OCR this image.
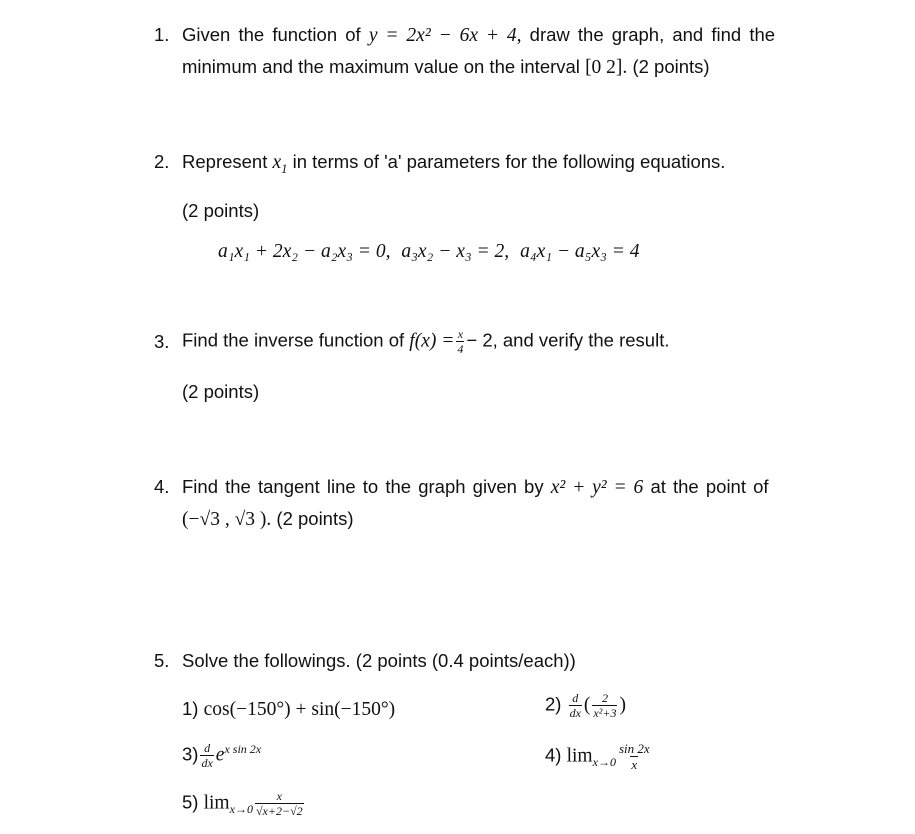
1. Given the function of y = 2x² − 6x + 4, draw the graph, and find the
minimum and the maximum value on the interval [0 2]. (2 points)
2. Represent $x_1$ in terms of 'a' parameters for the following equations.
(2 points)
a₁x₁ + 2x₂ − a₂x₃ = 0, a₃x₂ − x₃ = 2, a₄x₁ − a₅x₃ = 4
3. Find the inverse function of $f(x) = \frac{x}{4} - 2$, and verify the result.
(2 points)
4. Find the tangent line to the graph given by x² + y² = 6 at the point of
(−√3 , √3 ). (2 points)
5. Solve the followings. (2 points (0.4 points/each))
1) cos(−150°) + sin(−150°)	$2) \frac{d}{dx}$ ( $\frac{2}{\text{x²+3}}$ )
$3) \frac{d}{dx} e^{x sin 2x}$	4) $\lim_{x\to 0} \frac{\sin 2x}{x}$
5) $\lim_{x\to 0} \frac{x}{√x+2-√2}$
